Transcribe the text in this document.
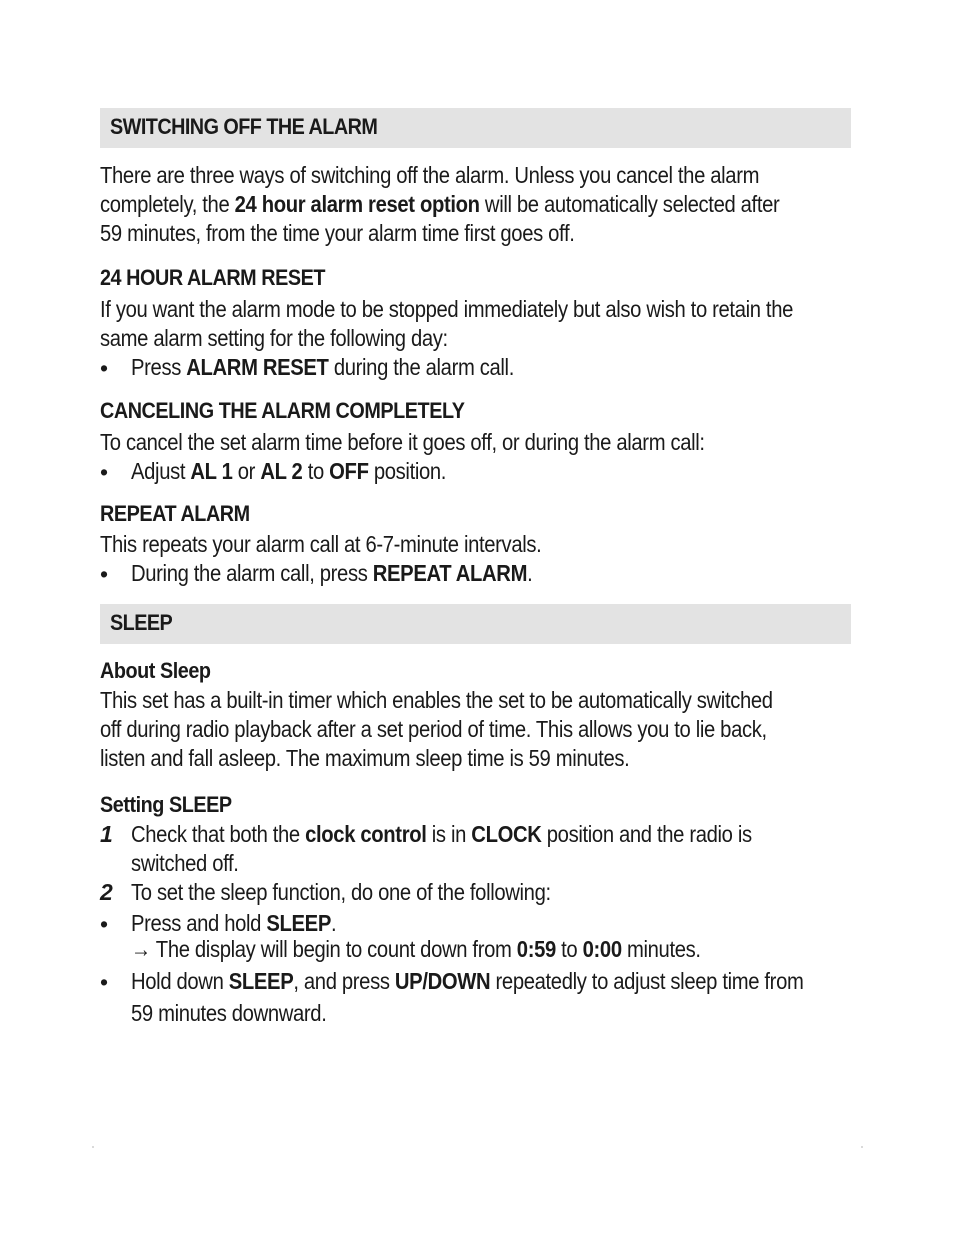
SWITCHING OFF THE ALARM
There are three ways of switching off the alarm. Unless you cancel the alarm
completely, the 24 hour alarm reset option will be automatically selected after
59 minutes, from the time your alarm time first goes off.
24 HOUR ALARM RESET
If you want the alarm mode to be stopped immediately but also wish to retain the
same alarm setting for the following day:
• Press ALARM RESET during the alarm call.
CANCELING THE ALARM COMPLETELY
To cancel the set alarm time before it goes off, or during the alarm call:
• Adjust AL 1 or AL 2 to OFF position.
REPEAT ALARM
This repeats your alarm call at 6-7-minute intervals.
• During the alarm call, press REPEAT ALARM.
SLEEP
About Sleep
This set has a built-in timer which enables the set to be automatically switched
off during radio playback after a set period of time. This allows you to lie back,
listen and fall asleep. The maximum sleep time is 59 minutes.
Setting SLEEP
1 Check that both the clock control is in CLOCK position and the radio is
switched off.
2 To set the sleep function, do one of the following:
• Press and hold SLEEP.
→ The display will begin to count down from 0:59 to 0:00 minutes.
• Hold down SLEEP, and press UP/DOWN repeatedly to adjust sleep time from
59 minutes downward.
